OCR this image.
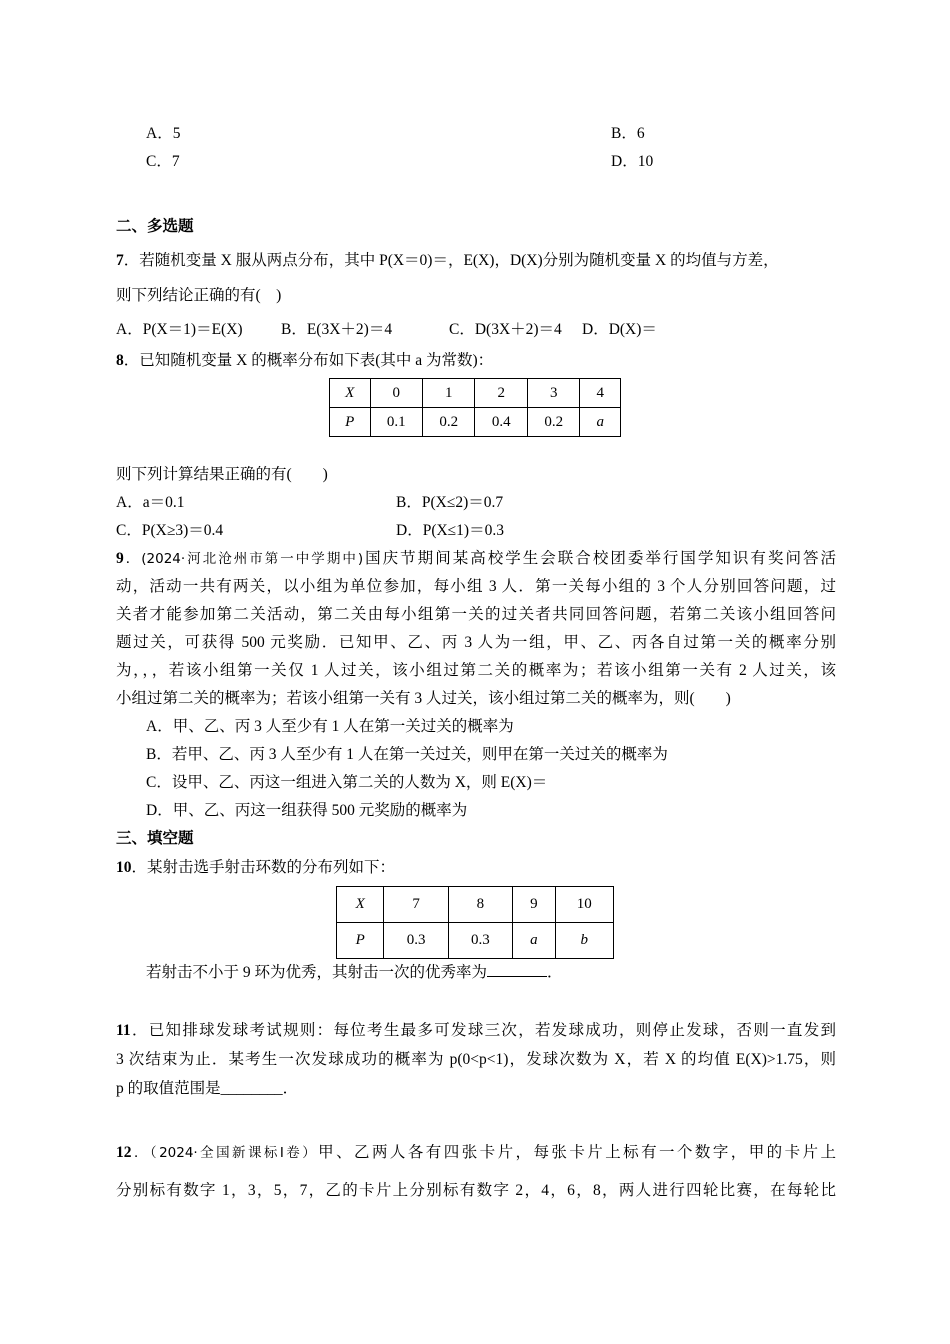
A．5	B．6
C．7	D．10
二、多选题
7．若随机变量 X 服从两点分布，其中 P(X＝0)＝，E(X)，D(X)分别为随机变量 X 的均值与方差，
则下列结论正确的有(　)
A．P(X＝1)＝E(X) B．E(3X＋2)＝4	C．D(3X＋2)＝4 D．D(X)＝
8．已知随机变量 X 的概率分布如下表(其中 a 为常数)：
X	0	1	2	3	4
P	0.1	0.2	0.4	0.2	a
则下列计算结果正确的有(　　)
A．a＝0.1	B．P(X≤2)＝0.7
C．P(X≥3)＝0.4	D．P(X≤1)＝0.3
9．(2024·河北沧州市第一中学期中)国庆节期间某高校学生会联合校团委举行国学知识有奖问答活
动，活动一共有两关，以小组为单位参加，每小组 3 人．第一关每小组的 3 个人分别回答问题，过
关者才能参加第二关活动，第二关由每小组第一关的过关者共同回答问题，若第二关该小组回答问
题过关，可获得 500 元奖励．已知甲、乙、丙 3 人为一组，甲、乙、丙各自过第一关的概率分别
为，，，若该小组第一关仅 1 人过关，该小组过第二关的概率为；若该小组第一关有 2 人过关，该
小组过第二关的概率为；若该小组第一关有 3 人过关，该小组过第二关的概率为，则(　　)
A．甲、乙、丙 3 人至少有 1 人在第一关过关的概率为
B．若甲、乙、丙 3 人至少有 1 人在第一关过关，则甲在第一关过关的概率为
C．设甲、乙、丙这一组进入第二关的人数为 X，则 E(X)＝
D．甲、乙、丙这一组获得 500 元奖励的概率为
三、填空题
10．某射击选手射击环数的分布列如下：
X	7	8	9	10
P	0.3	0.3	a	b
若射击不小于 9 环为优秀，其射击一次的优秀率为	．
11．已知排球发球考试规则：每位考生最多可发球三次，若发球成功，则停止发球，否则一直发到
3 次结束为止．某考生一次发球成功的概率为 p(0<p<1)，发球次数为 X，若 X 的均值 E(X)>1.75，则
p 的取值范围是________．
12．（2024·全国新课标Ⅰ卷）甲、乙两人各有四张卡片，每张卡片上标有一个数字，甲的卡片上
分别标有数字 1，3，5，7，乙的卡片上分别标有数字 2，4，6，8，两人进行四轮比赛，在每轮比
